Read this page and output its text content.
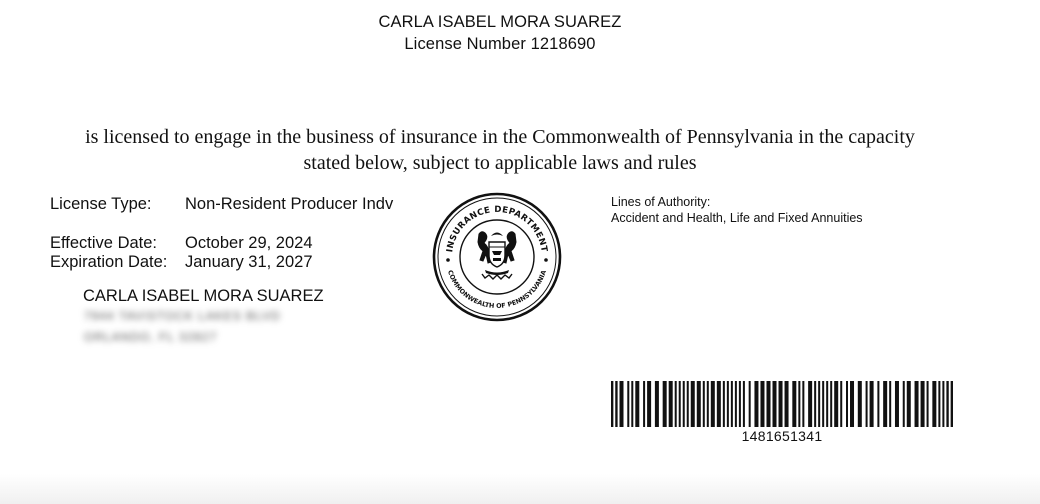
CARLA ISABEL MORA SUAREZ
License Number 1218690
is licensed to engage in the business of insurance in the Commonwealth of Pennsylvania in the capacity
stated below, subject to applicable laws and rules
License Type: Non-Resident Producer Indv
Effective Date: October 29, 2024
Expiration Date: January 31, 2027
CARLA ISABEL MORA SUAREZ
7944 TAVISTOCK LAKES BLVD
ORLANDO, FL 32827
INSURANCE DEPARTMENT
COMMONWEALTH OF PENNSYLVANIA
Lines of Authority:
Accident and Health, Life and Fixed Annuities
1481651341
